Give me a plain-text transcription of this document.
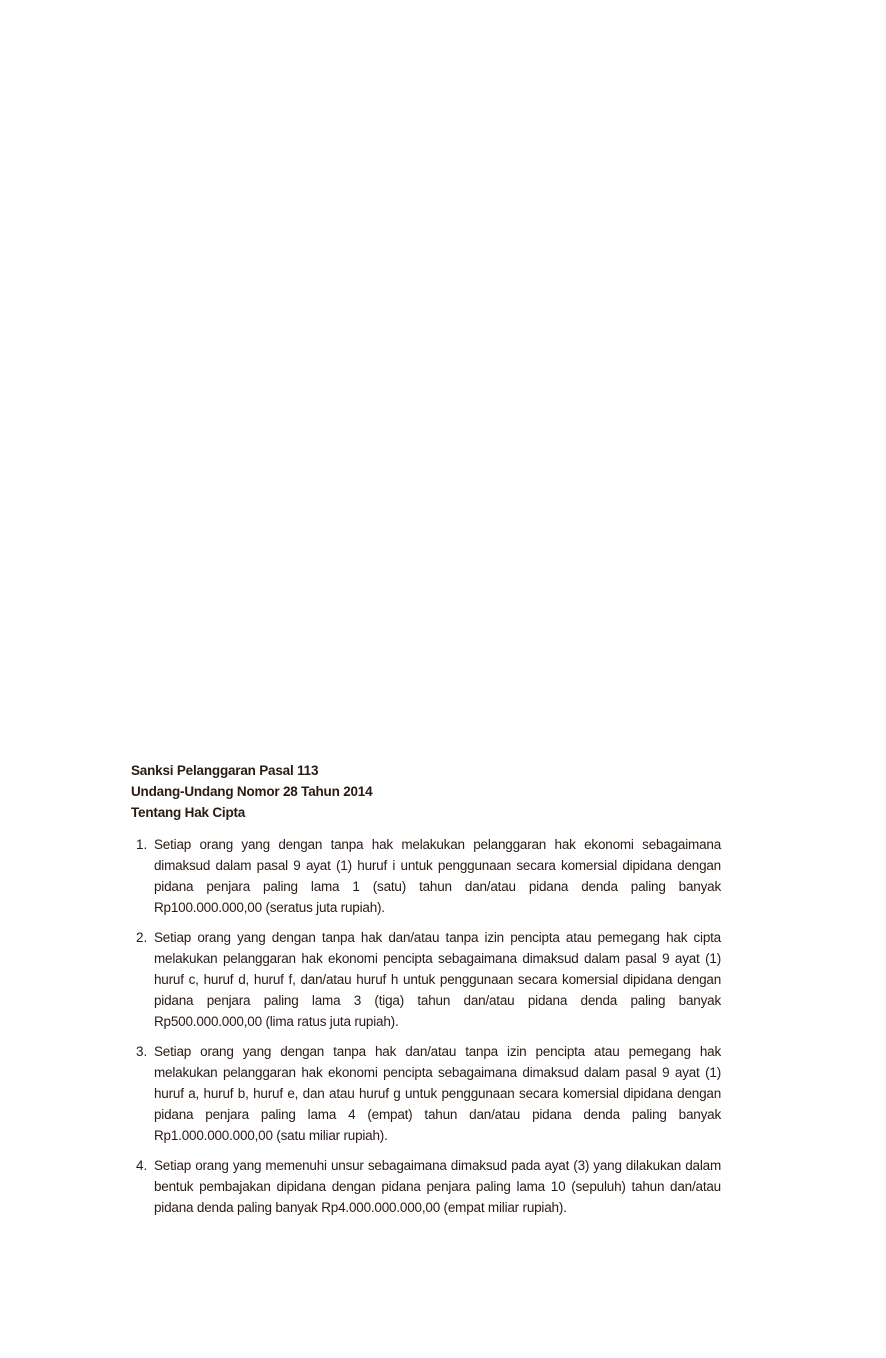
Sanksi Pelanggaran Pasal 113

Undang-Undang Nomor 28 Tahun 2014

Tentang Hak Cipta

1. Setiap orang yang dengan tanpa hak melakukan pelanggaran hak ekonomi sebagaimana dimaksud dalam pasal 9 ayat (1) huruf i untuk penggunaan secara komersial dipidana dengan pidana penjara paling lama 1 (satu) tahun dan/atau pidana denda paling banyak Rp100.000.000,00 (seratus juta rupiah).
2. Setiap orang yang dengan tanpa hak dan/atau tanpa izin pencipta atau pemegang hak cipta melakukan pelanggaran hak ekonomi pencipta sebagaimana dimaksud dalam pasal 9 ayat (1) huruf c, huruf d, huruf f, dan/atau huruf h untuk penggunaan secara komersial dipidana dengan pidana penjara paling lama 3 (tiga) tahun dan/atau pidana denda paling banyak Rp500.000.000,00 (lima ratus juta rupiah).
3. Setiap orang yang dengan tanpa hak dan/atau tanpa izin pencipta atau pemegang hak melakukan pelanggaran hak ekonomi pencipta sebagaimana dimaksud dalam pasal 9 ayat (1) huruf a, huruf b, huruf e, dan atau huruf g untuk penggunaan secara komersial dipidana dengan pidana penjara paling lama 4 (empat) tahun dan/atau pidana denda paling banyak Rp1.000.000.000,00 (satu miliar rupiah).
4. Setiap orang yang memenuhi unsur sebagaimana dimaksud pada ayat (3) yang dilakukan dalam bentuk pembajakan dipidana dengan pidana penjara paling lama 10 (sepuluh) tahun dan/atau pidana denda paling banyak Rp4.000.000.000,00 (empat miliar rupiah).
